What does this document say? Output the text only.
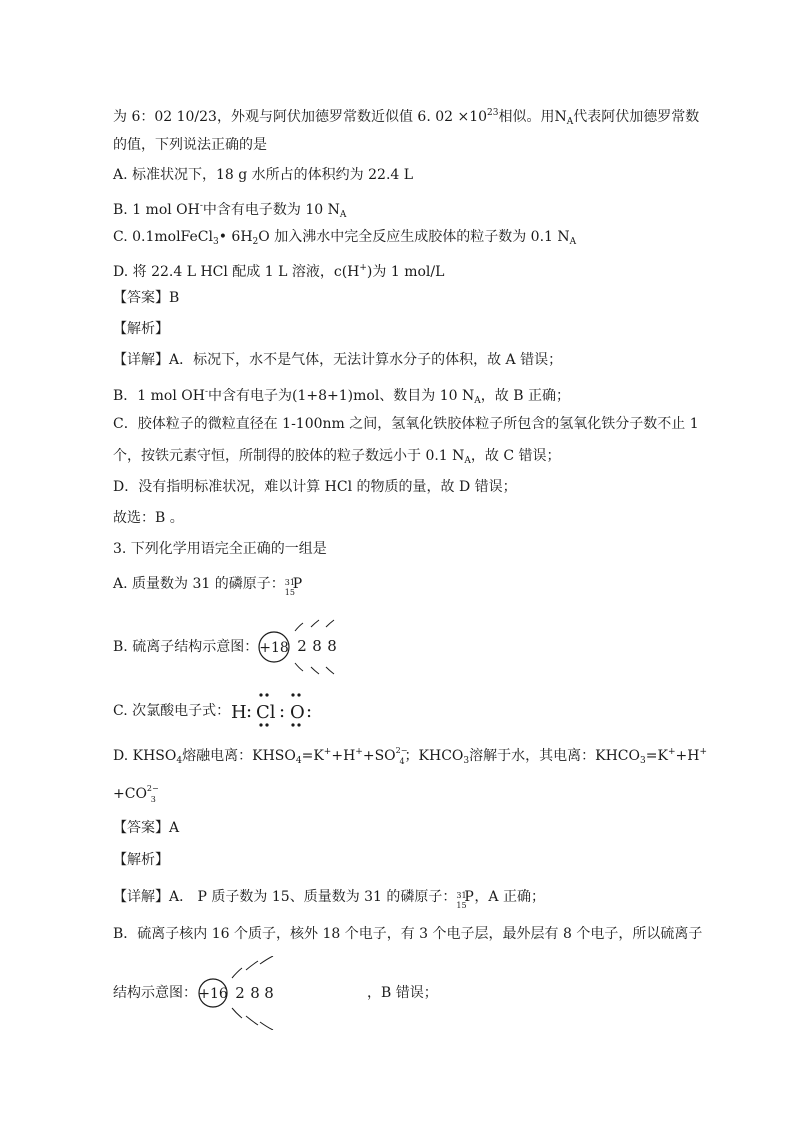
为 6：02 10/23，外观与阿伏加德罗常数近似值 6. $02 \times 10^{23}$相似。用$N_A$代表阿伏加德罗常数
的值，下列说法正确的是
A. 标准状况下，18 g 水所占的体积约为 22.4 L
B. 1 mol OH-中含有电子数为 10 $N_A$
C. 0.1molFeCl$_3$• $6H_2O$ 加入沸水中完全反应生成胶体的粒子数为 0.1 $N_A$
D. 将 22.4 L HCl 配成 1 L 溶液，c(H+)为 1 mol/L
【答案】B
【解析】
【详解】A．标况下，水不是气体，无法计算水分子的体积，故 A 错误；
B．1 mol OH-中含有电子为(1+8+1)mol、数目为 10 $N_A$，故 B 正确；
C．胶体粒子的微粒直径在 1-100nm 之间，氢氧化铁胶体粒子所包含的氢氧化铁分子数不止 1
个，按铁元素守恒，所制得的胶体的粒子数远小于 0.1 $N_A$，故 C 错误；
D．没有指明标准状况，难以计算 HCl 的物质的量，故 D 错误；
故选：B 。
3. 下列化学用语完全正确的一组是
A. 质量数为 31 的磷原子： 31
15
P
B. 硫离子结构示意图： +18 2 8 8
C. 次氯酸电子式： H : Cl : O :
D. $KHSO_4$熔融电离：$KHSO_4=K^++H^++SO^{2-}_4$；$KHCO_3$溶解于水，其电离：$KHCO_3=K^++H^+$
$+CO^{2-}_3$
【答案】A
【解析】
【详解】A． P 质子数为 15、质量数为 31 的磷原子： 31
15
P ，A 正确；
B．硫离子核内 16 个质子，核外 18 个电子，有 3 个电子层，最外层有 8 个电子，所以硫离子
结构示意图：	，B 错误；
+16 2 8 8
